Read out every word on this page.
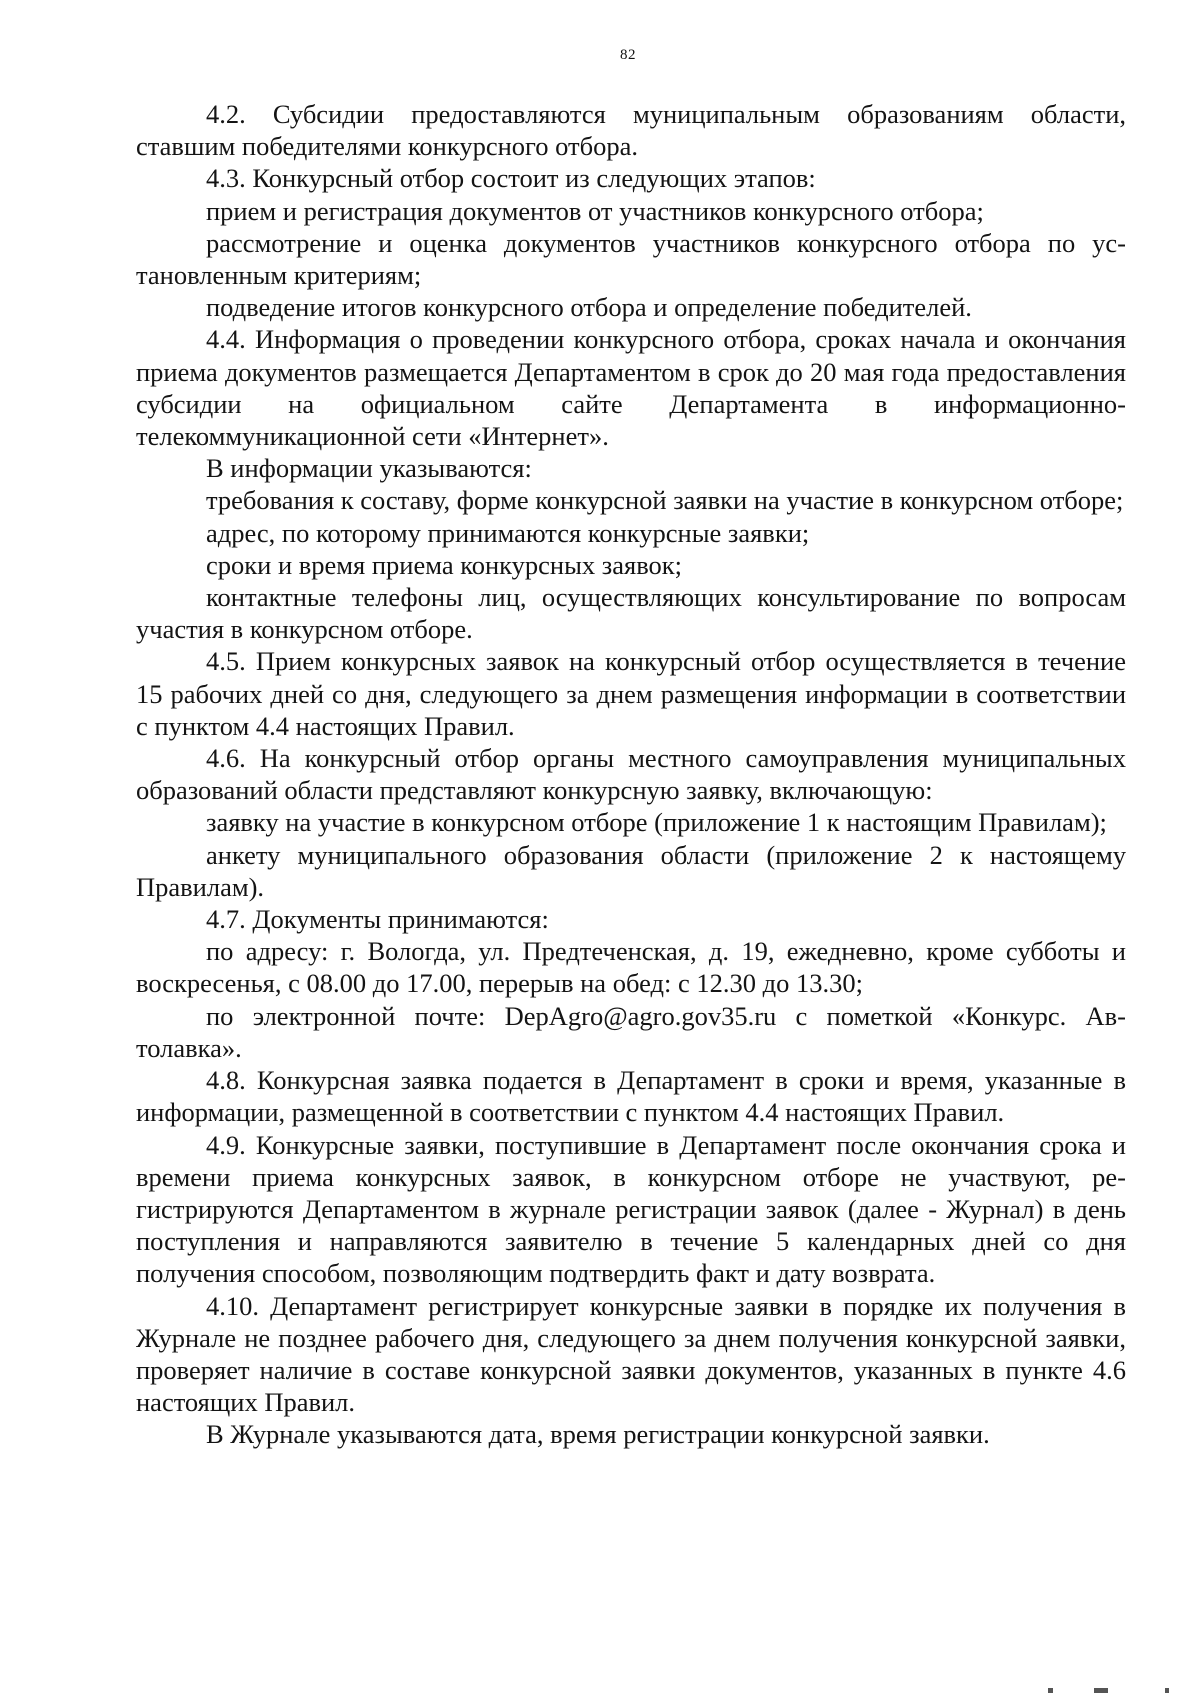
82

4.2. Субсидии предоставляются муниципальным образованиям области, ставшим победителями конкурсного отбора.

4.3. Конкурсный отбор состоит из следующих этапов:

прием и регистрация документов от участников конкурсного отбора;

рассмотрение и оценка документов участников конкурсного отбора по установленным критериям;

подведение итогов конкурсного отбора и определение победителей.

4.4. Информация о проведении конкурсного отбора, сроках начала и окончания приема документов размещается Департаментом в срок до 20 мая года предоставления субсидии на официальном сайте Департамента в информационно-телекоммуникационной сети «Интернет».

В информации указываются:

требования к составу, форме конкурсной заявки на участие в конкурсном отборе;

адрес, по которому принимаются конкурсные заявки;

сроки и время приема конкурсных заявок;

контактные телефоны лиц, осуществляющих консультирование по вопросам участия в конкурсном отборе.

4.5. Прием конкурсных заявок на конкурсный отбор осуществляется в течение 15 рабочих дней со дня, следующего за днем размещения информации в соответствии с пунктом 4.4 настоящих Правил.

4.6. На конкурсный отбор органы местного самоуправления муниципальных образований области представляют конкурсную заявку, включающую:

заявку на участие в конкурсном отборе (приложение 1 к настоящим Правилам);

анкету муниципального образования области (приложение 2 к настоящему Правилам).

4.7. Документы принимаются:

по адресу: г. Вологда, ул. Предтеченская, д. 19, ежедневно, кроме субботы и воскресенья, с 08.00 до 17.00, перерыв на обед: с 12.30 до 13.30;

по электронной почте: DepAgro@agro.gov35.ru с пометкой «Конкурс. Автолавка».

4.8. Конкурсная заявка подается в Департамент в сроки и время, указанные в информации, размещенной в соответствии с пунктом 4.4 настоящих Правил.

4.9. Конкурсные заявки, поступившие в Департамент после окончания срока и времени приема конкурсных заявок, в конкурсном отборе не участвуют, регистрируются Департаментом в журнале регистрации заявок (далее - Журнал) в день поступления и направляются заявителю в течение 5 календарных дней со дня получения способом, позволяющим подтвердить факт и дату возврата.

4.10. Департамент регистрирует конкурсные заявки в порядке их получения в Журнале не позднее рабочего дня, следующего за днем получения конкурсной заявки, проверяет наличие в составе конкурсной заявки документов, указанных в пункте 4.6 настоящих Правил.

В Журнале указываются дата, время регистрации конкурсной заявки.
